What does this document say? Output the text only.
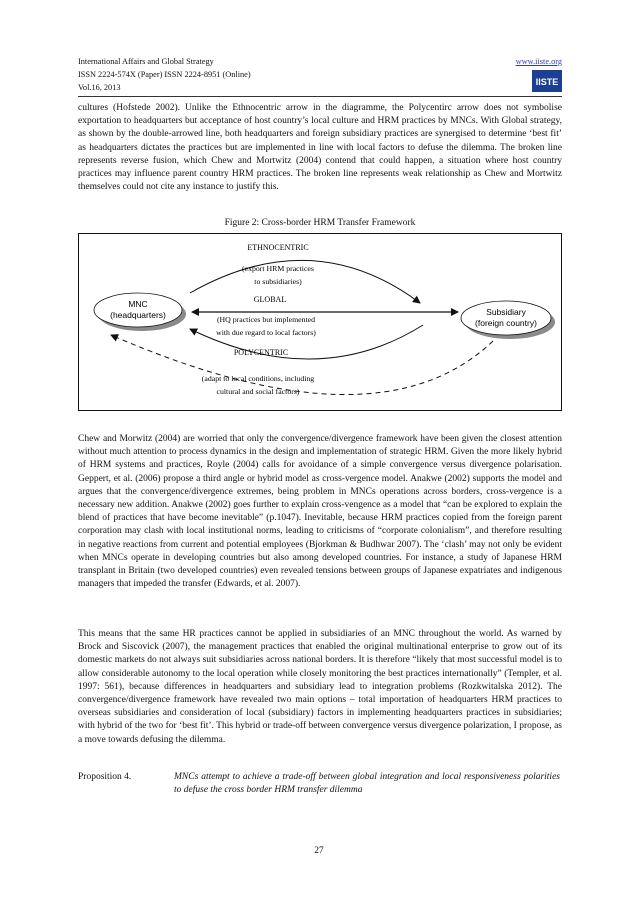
International Affairs and Global Strategy
ISSN 2224-574X (Paper) ISSN 2224-8951 (Online)
Vol.16, 2013
www.iiste.org
IISTE

cultures (Hofstede 2002). Unlike the Ethnocentric arrow in the diagramme, the Polycentirc arrow does not symbolise exportation to headquarters but acceptance of host country’s local culture and HRM practices by MNCs. With Global strategy, as shown by the double-arrowed line, both headquarters and foreign subsidiary practices are synergised to determine ‘best fit’ as headquarters dictates the practices but are implemented in line with local factors to defuse the dilemma. The broken line represents reverse fusion, which Chew and Mortwitz (2004) contend that could happen, a situation where host country practices may influence parent country HRM practices. The broken line represents weak relationship as Chew and Mortwitz themselves could not cite any instance to justify this.

Figure 2: Cross-border HRM Transfer Framework
MNC
(headquarters)	Subsidiary
(foreign country)
ETHNOCENTRIC
(export HRM practices
to subsidiaries)
GLOBAL
(HQ practices but implemented
with due regard to local factors)
POLYCENTRIC
(adapt to local conditions, including
cultural and social factors)

Chew and Morwitz (2004) are worried that only the convergence/divergence framework have been given the closest attention without much attention to process dynamics in the design and implementation of strategic HRM. Given the more likely hybrid of HRM systems and practices, Royle (2004) calls for avoidance of a simple convergence versus divergence polarisation. Geppert, et al. (2006) propose a third angle or hybrid model as cross-vergence model. Anakwe (2002) supports the model and argues that the convergence/divergence extremes, being problem in MNCs operations across borders, cross-vergence is a necessary new addition. Anakwe (2002) goes further to explain cross-vengence as a model that “can be explored to explain the blend of practices that have become inevitable” (p.1047). Inevitable, because HRM practices copied from the foreign parent corporation may clash with local institutional norms, leading to criticisms of “corporate colonialism”, and therefore resulting in negative reactions from current and potential employees (Bjorkman & Budhwar 2007). The ‘clash’ may not only be evident when MNCs operate in developing countries but also among developed countries. For instance, a study of Japanese HRM transplant in Britain (two developed countries) even revealed tensions between groups of Japanese expatriates and indigenous managers that impeded the transfer (Edwards, et al. 2007).

This means that the same HR practices cannot be applied in subsidiaries of an MNC throughout the world. As warned by Brock and Siscovick (2007), the management practices that enabled the original multinational enterprise to grow out of its domestic markets do not always suit subsidiaries across national borders. It is therefore “likely that most successful model is to allow considerable autonomy to the local operation while closely monitoring the best practices internationally” (Templer, et al. 1997: 561), because differences in headquarters and subsidiary lead to integration problems (Rozkwitalska 2012). The convergence/divergence framework have revealed two main options – total importation of headquarters HRM practices to overseas subsidiaries and consideration of local (subsidiary) factors in implementing headquarters practices in subsidiaries; with hybrid of the two for ‘best fit’. This hybrid or trade-off between convergence versus divergence polarization, I propose, as a move towards defusing the dilemma.

Proposition 4.	MNCs attempt to achieve a trade-off between global integration and local responsiveness polarities to defuse the cross border HRM transfer dilemma
27
